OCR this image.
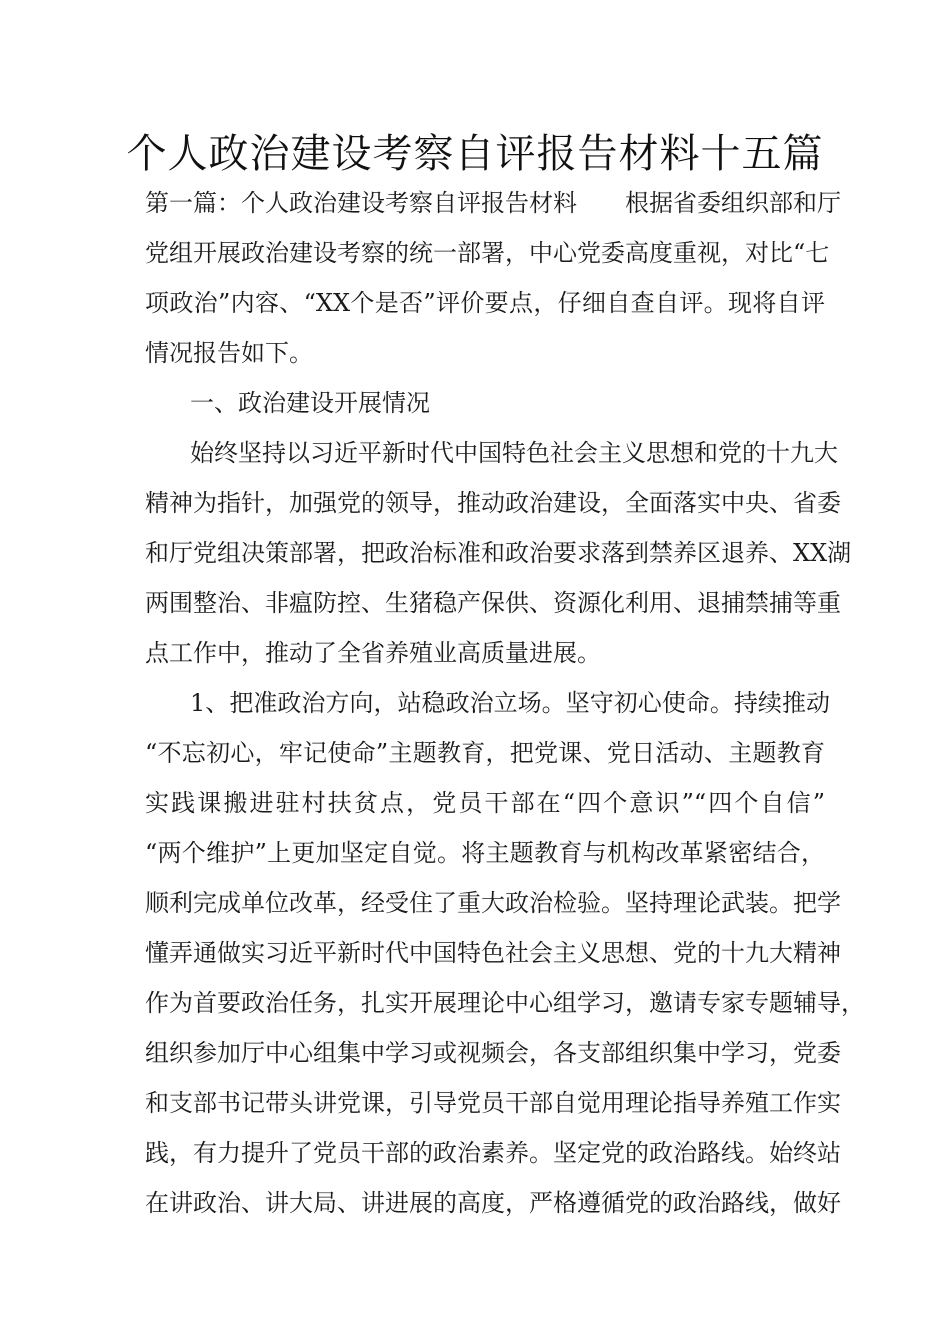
个人政治建设考察自评报告材料十五篇
第一篇：个人政治建设考察自评报告材料　　根据省委组织部和厅
党组开展政治建设考察的统一部署，中心党委高度重视，对比“七
项政治”内容、“XX个是否”评价要点，仔细自查自评。现将自评
情况报告如下。
一、政治建设开展情况
始终坚持以习近平新时代中国特色社会主义思想和党的十九大
精神为指针，加强党的领导，推动政治建设，全面落实中央、省委
和厅党组决策部署，把政治标准和政治要求落到禁养区退养、XX湖
两围整治、非瘟防控、生猪稳产保供、资源化利用、退捕禁捕等重
点工作中，推动了全省养殖业高质量进展。
1、把准政治方向，站稳政治立场。坚守初心使命。持续推动
“不忘初心，牢记使命”主题教育，把党课、党日活动、主题教育
实践课搬进驻村扶贫点，党员干部在“四个意识”“四个自信”
“两个维护”上更加坚定自觉。将主题教育与机构改革紧密结合，
顺利完成单位改革，经受住了重大政治检验。坚持理论武装。把学
懂弄通做实习近平新时代中国特色社会主义思想、党的十九大精神
作为首要政治任务，扎实开展理论中心组学习，邀请专家专题辅导，
组织参加厅中心组集中学习或视频会，各支部组织集中学习，党委
和支部书记带头讲党课，引导党员干部自觉用理论指导养殖工作实
践，有力提升了党员干部的政治素养。坚定党的政治路线。始终站
在讲政治、讲大局、讲进展的高度，严格遵循党的政治路线，做好
